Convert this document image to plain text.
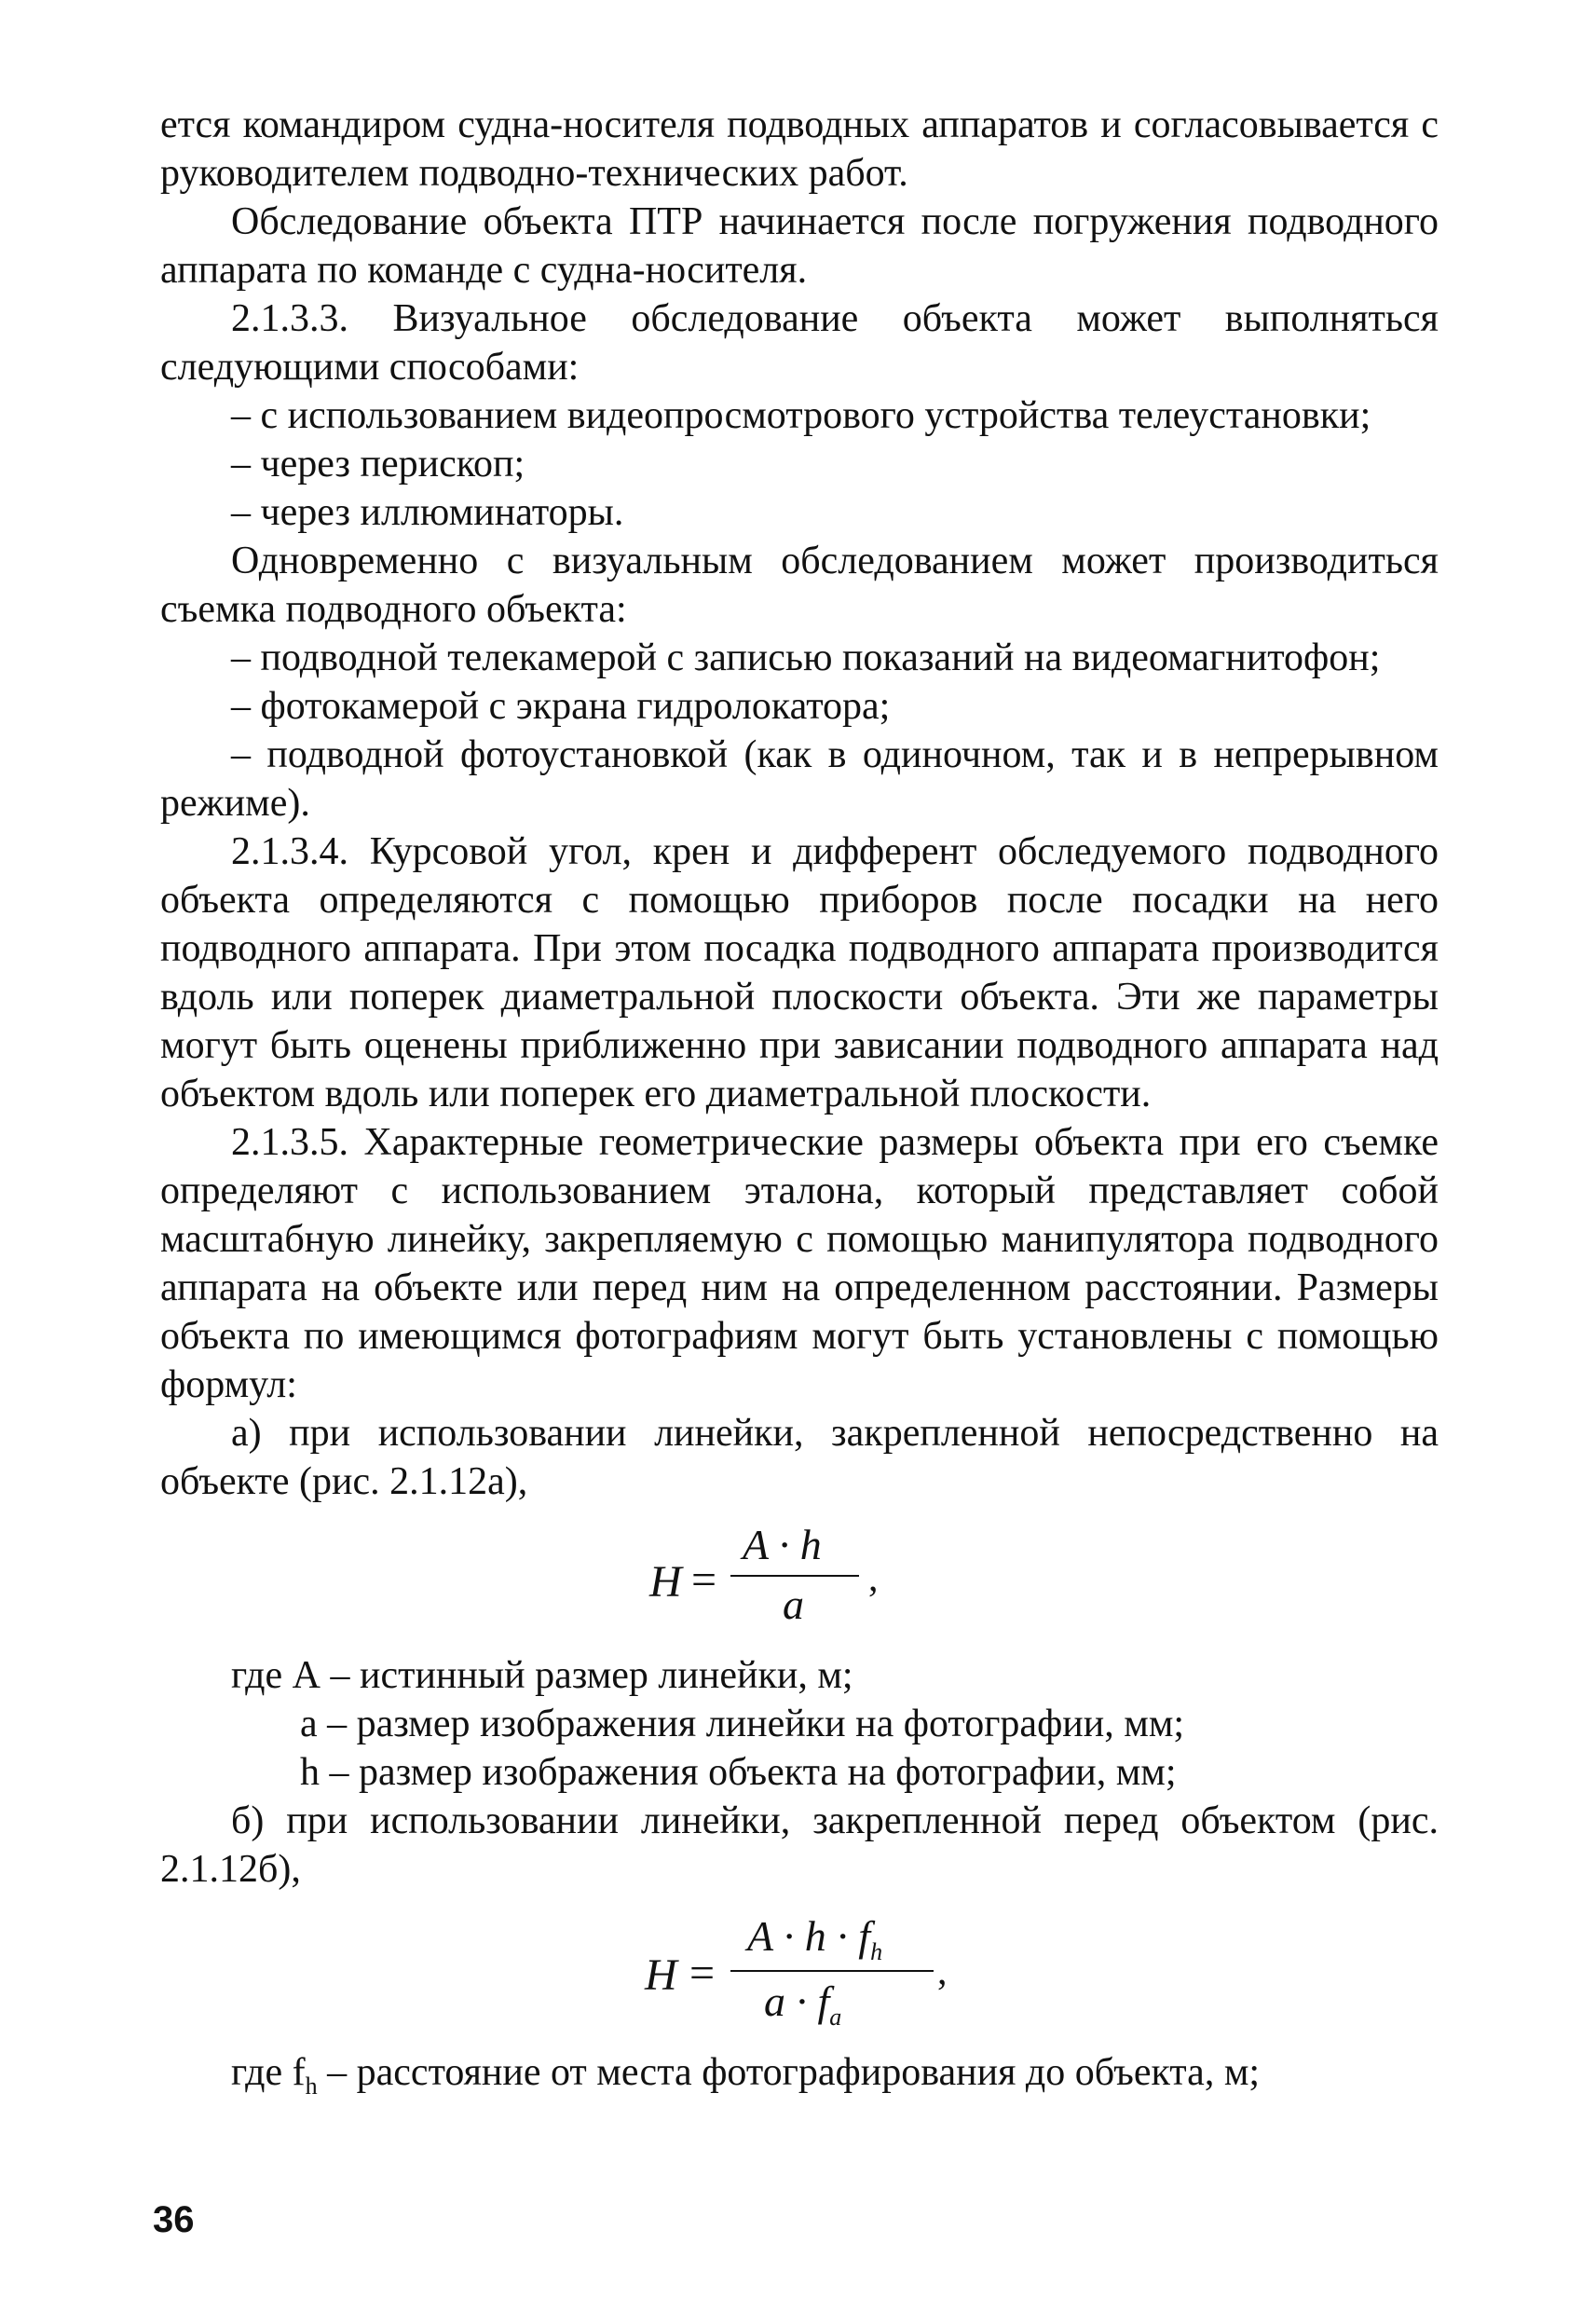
ется командиром судна-носителя подводных аппаратов и согласовывается с руководителем подводно-технических работ.

Обследование объекта ПТР начинается после погружения подводного аппарата по команде с судна-носителя.

2.1.3.3. Визуальное обследование объекта может выполняться следующими способами:

– с использованием видеопросмотрового устройства телеустановки;

– через перископ;

– через иллюминаторы.

Одновременно с визуальным обследованием может производиться съемка подводного объекта:

– подводной телекамерой с записью показаний на видеомагнитофон;

– фотокамерой с экрана гидролокатора;

– подводной фотоустановкой (как в одиночном, так и в непрерывном режиме).

2.1.3.4. Курсовой угол, крен и дифферент обследуемого подводного объекта определяются с помощью приборов после посадки на него подводного аппарата. При этом посадка подводного аппарата производится вдоль или поперек диаметральной плоскости объекта. Эти же параметры могут быть оценены приближенно при зависании подводного аппарата над объектом вдоль или поперек его диаметральной плоскости.

2.1.3.5. Характерные геометрические размеры объекта при его съемке определяют с использованием эталона, который представляет собой масштабную линейку, закрепляемую с помощью манипулятора подводного аппарата на объекте или перед ним на определенном расстоянии. Размеры объекта по имеющимся фотографиям могут быть установлены с помощью формул:

а) при использовании линейки, закрепленной непосредственно на объекте (рис. 2.1.12а),

H =
A · h
a
,

где А – истинный размер линейки, м;

а – размер изображения линейки на фотографии, мм;

h – размер изображения объекта на фотографии, мм;

б) при использовании линейки, закрепленной перед объектом (рис. 2.1.12б),

H =
$A \cdot h \cdot f_h$
$a \cdot f_a$
,

где $f_h$ – расстояние от места фотографирования до объекта, м;

36
